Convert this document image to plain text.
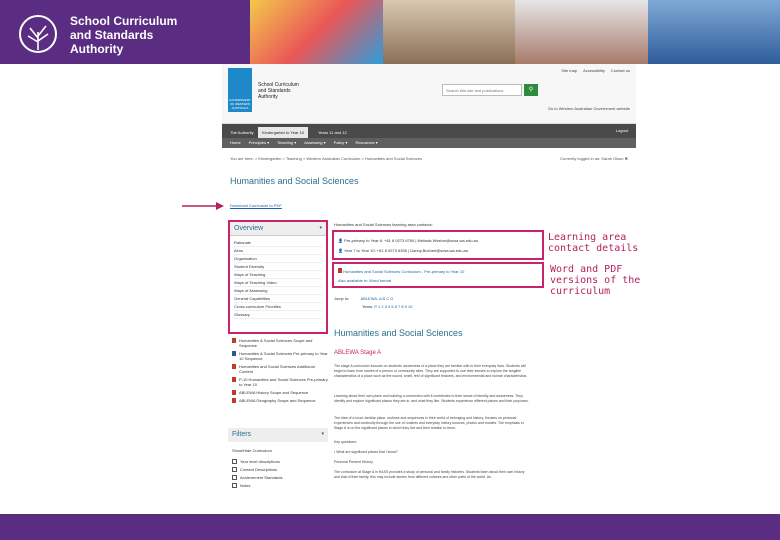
School Curriculum
and Standards
Authority
GOVERNMENT OF WESTERN AUSTRALIA
School Curriculum
and Standards
Authority
Search this site and publications	⚲
Go to Western Australian Government website
Site map Accessibility Contact us
The Authority	Kindergarten to Year 10	Years 11 and 12	Logout
Home Principles ▾ Teaching ▾ Assessing ▾ Policy ▾ Resources ▾
You are here: > Kindergarten > Teaching > Western Australian Curriculum > Humanities and Social Sciences	Currently logged in as: Sarah Olson ✖
Humanities and Social Sciences
Download Curriculum to PDF
Overview	▾
Rationale
Aims
Organisation
Student Diversity
Ways of Teaching
Ways of Teaching Video
Ways of Assessing
General Capabilities
Cross-curriculum Priorities
Glossary
Humanities & Social Sciences Scope and Sequence
Humanities & Social Sciences Pre-primary to Year 10 Sequence
Humanities and Social Sciences Additional Content
P-10 Humanities and Social Sciences Pre-primary to Year 10
ABLEWA History Scope and Sequence
ABLEWA Geography Scope and Sequence
Filters	▾
Show/Hide Curriculum
Year level descriptions
Content Descriptions
Achievement Standards
Notes
Humanities and Social Sciences learning area contacts:
👤 Pre-primary to Year 6: +61 8 9273 6760 | Melinda Weston@scsa.wa.edu.au
👤 Year 7 to Year 10: +61 8 9273 6355 | Danny.Bucheri@scsa.wa.edu.au
Humanities and Social Sciences Curriculum - Pre-primary to Year 10
Also available in: Word format
Jump to:	ABLEWA: A B C D
Years: P 1 2 3 4 5 6 7 8 9 10
Humanities and Social Sciences
ABLEWA Stage A
The stage A curriculum focuses on students' awareness of a place they are familiar with in their everyday lives. Students will begin to learn from stories of a person or community sites. They are supported to use their senses to explore the tangible characteristics of a place such as the sound, smell, feel of significant features, and environmental and human characteristics.
Learning about their own place and building a connection with it contributes to their sense of identity and awareness. They identify and explore significant places they are in, and what they like. Students experience different places and their purposes.
The idea of a local, familiar place, routines and sequences in their world of belonging and history, focuses on personal experiences and continuity through the use of routines and everyday history sources, photos and models. The emphasis in Stage A is on the significant places in which they live and their relation to them.
Key questions:
• What are significant places that I know?
Personal Present History
The curriculum at Stage A in HASS provides a study of personal and family histories. Students learn about their own history and that of their family; this may include stories from different cultures and other parts of the world. As
Learning area
contact details
Word and PDF
versions of the
curriculum
